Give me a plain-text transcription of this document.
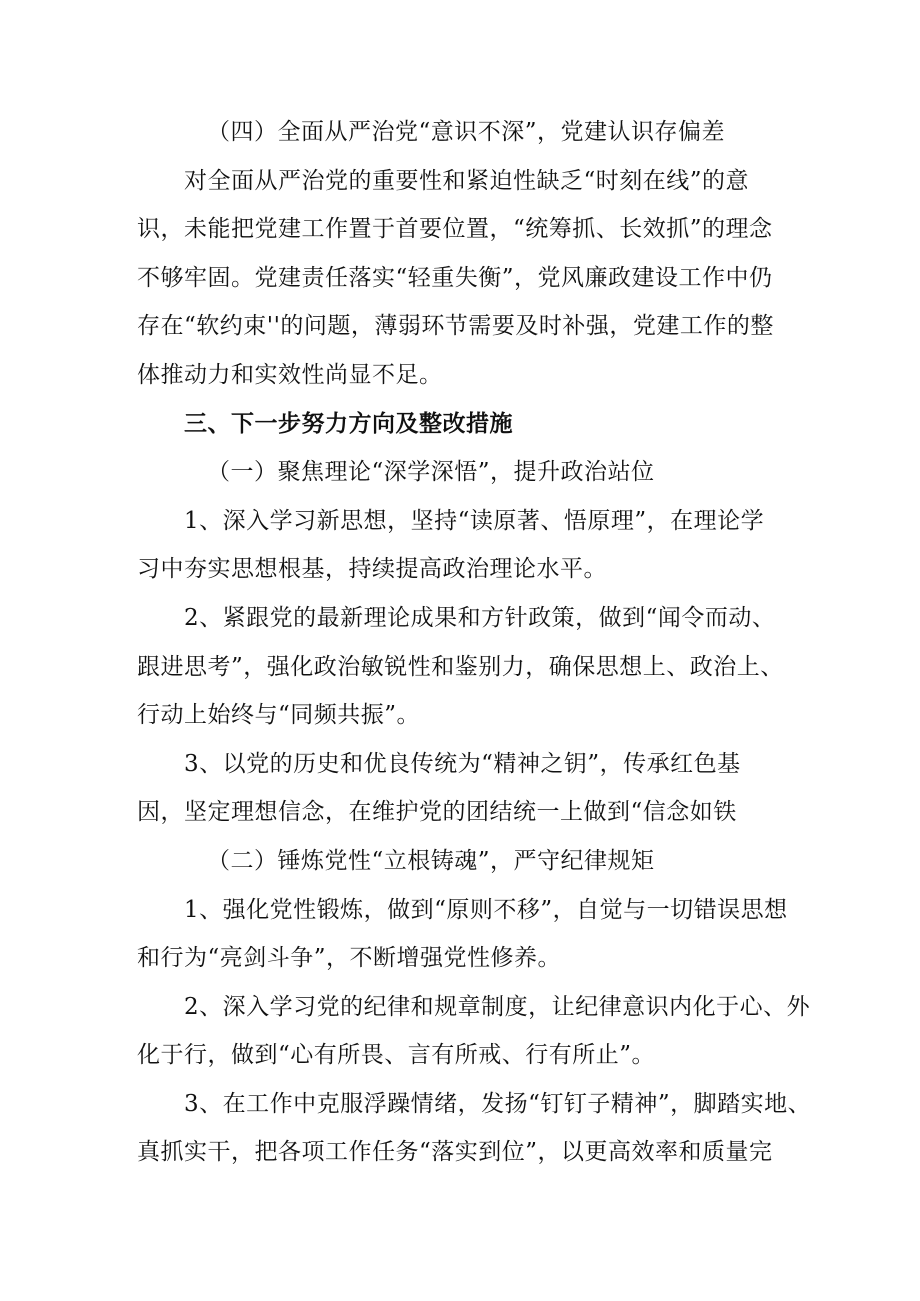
（四）全面从严治党“意识不深”，党建认识存偏差
对全面从严治党的重要性和紧迫性缺乏“时刻在线”的意
识，未能把党建工作置于首要位置，“统筹抓、长效抓”的理念
不够牢固。党建责任落实“轻重失衡”，党风廉政建设工作中仍
存在“软约束''的问题，薄弱环节需要及时补强，党建工作的整
体推动力和实效性尚显不足。
三、下一步努力方向及整改措施
（一）聚焦理论“深学深悟”，提升政治站位
1、深入学习新思想，坚持“读原著、悟原理”，在理论学
习中夯实思想根基，持续提高政治理论水平。
2、紧跟党的最新理论成果和方针政策，做到“闻令而动、
跟进思考”，强化政治敏锐性和鉴别力，确保思想上、政治上、
行动上始终与“同频共振”。
3、以党的历史和优良传统为“精神之钥”，传承红色基
因，坚定理想信念，在维护党的团结统一上做到“信念如铁
（二）锤炼党性“立根铸魂”，严守纪律规矩
1、强化党性锻炼，做到“原则不移”，自觉与一切错误思想
和行为“亮剑斗争”，不断增强党性修养。
2、深入学习党的纪律和规章制度，让纪律意识内化于心、外
化于行，做到“心有所畏、言有所戒、行有所止”。
3、在工作中克服浮躁情绪，发扬“钉钉子精神”，脚踏实地、
真抓实干，把各项工作任务“落实到位”，以更高效率和质量完
